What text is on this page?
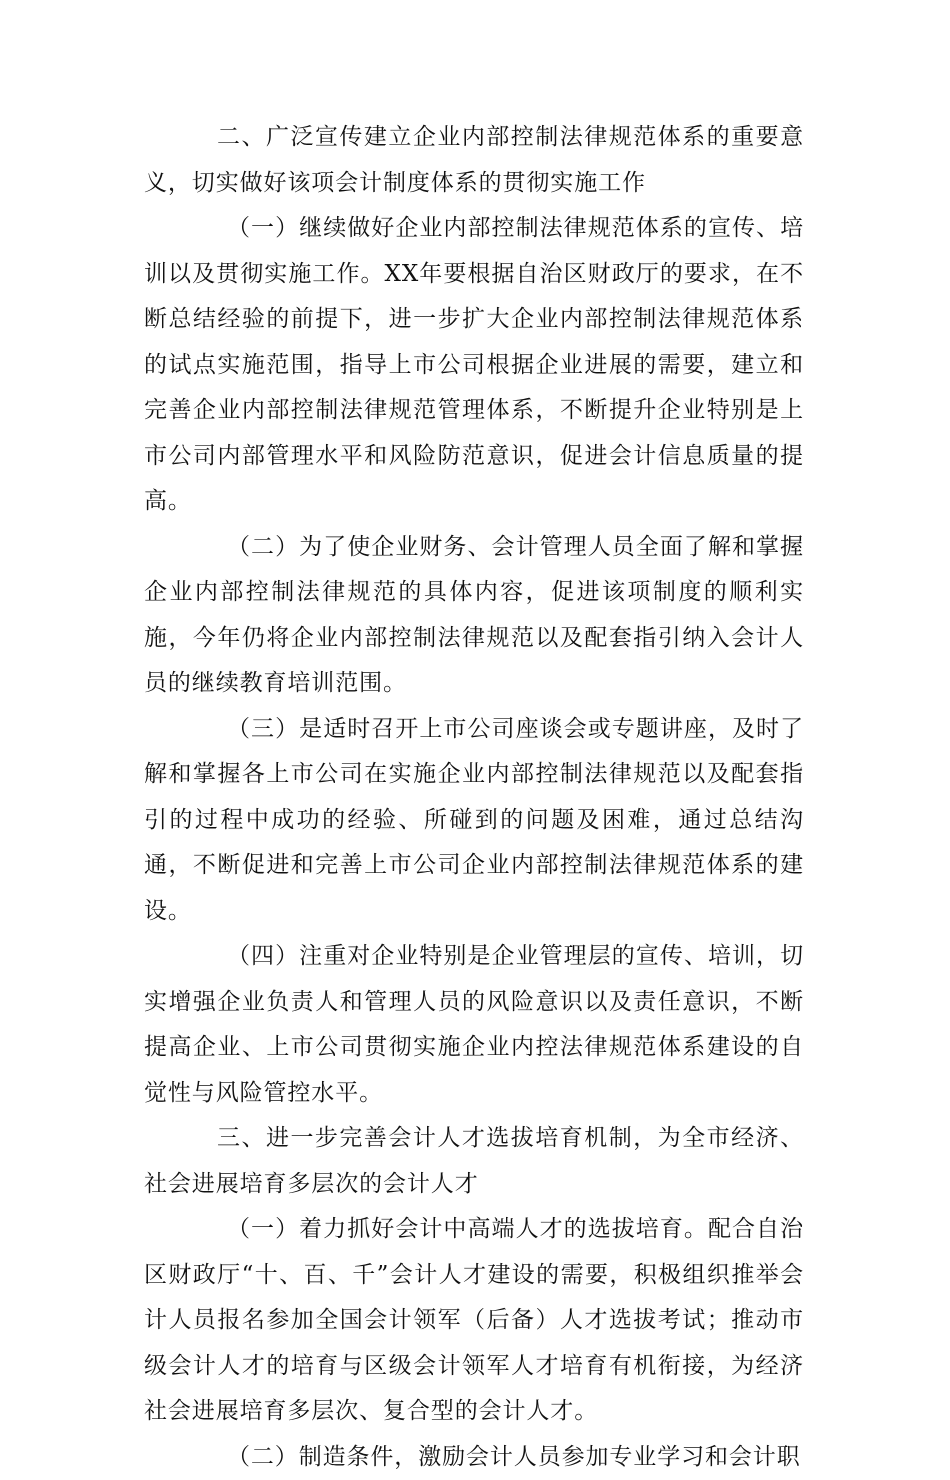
二、广泛宣传建立企业内部控制法律规范体系的重要意义，切实做好该项会计制度体系的贯彻实施工作

（一）继续做好企业内部控制法律规范体系的宣传、培训以及贯彻实施工作。XX年要根据自治区财政厅的要求，在不断总结经验的前提下，进一步扩大企业内部控制法律规范体系的试点实施范围，指导上市公司根据企业进展的需要，建立和完善企业内部控制法律规范管理体系，不断提升企业特别是上市公司内部管理水平和风险防范意识，促进会计信息质量的提高。

（二）为了使企业财务、会计管理人员全面了解和掌握企业内部控制法律规范的具体内容，促进该项制度的顺利实施，今年仍将企业内部控制法律规范以及配套指引纳入会计人员的继续教育培训范围。

（三）是适时召开上市公司座谈会或专题讲座，及时了解和掌握各上市公司在实施企业内部控制法律规范以及配套指引的过程中成功的经验、所碰到的问题及困难，通过总结沟通，不断促进和完善上市公司企业内部控制法律规范体系的建设。

（四）注重对企业特别是企业管理层的宣传、培训，切实增强企业负责人和管理人员的风险意识以及责任意识，不断提高企业、上市公司贯彻实施企业内控法律规范体系建设的自觉性与风险管控水平。

三、进一步完善会计人才选拔培育机制，为全市经济、社会进展培育多层次的会计人才

（一）着力抓好会计中高端人才的选拔培育。配合自治区财政厅“十、百、千”会计人才建设的需要，积极组织推举会计人员报名参加全国会计领军（后备）人才选拔考试；推动市级会计人才的培育与区级会计领军人才培育有机衔接，为经济社会进展培育多层次、复合型的会计人才。

（二）制造条件，激励会计人员参加专业学习和会计职
